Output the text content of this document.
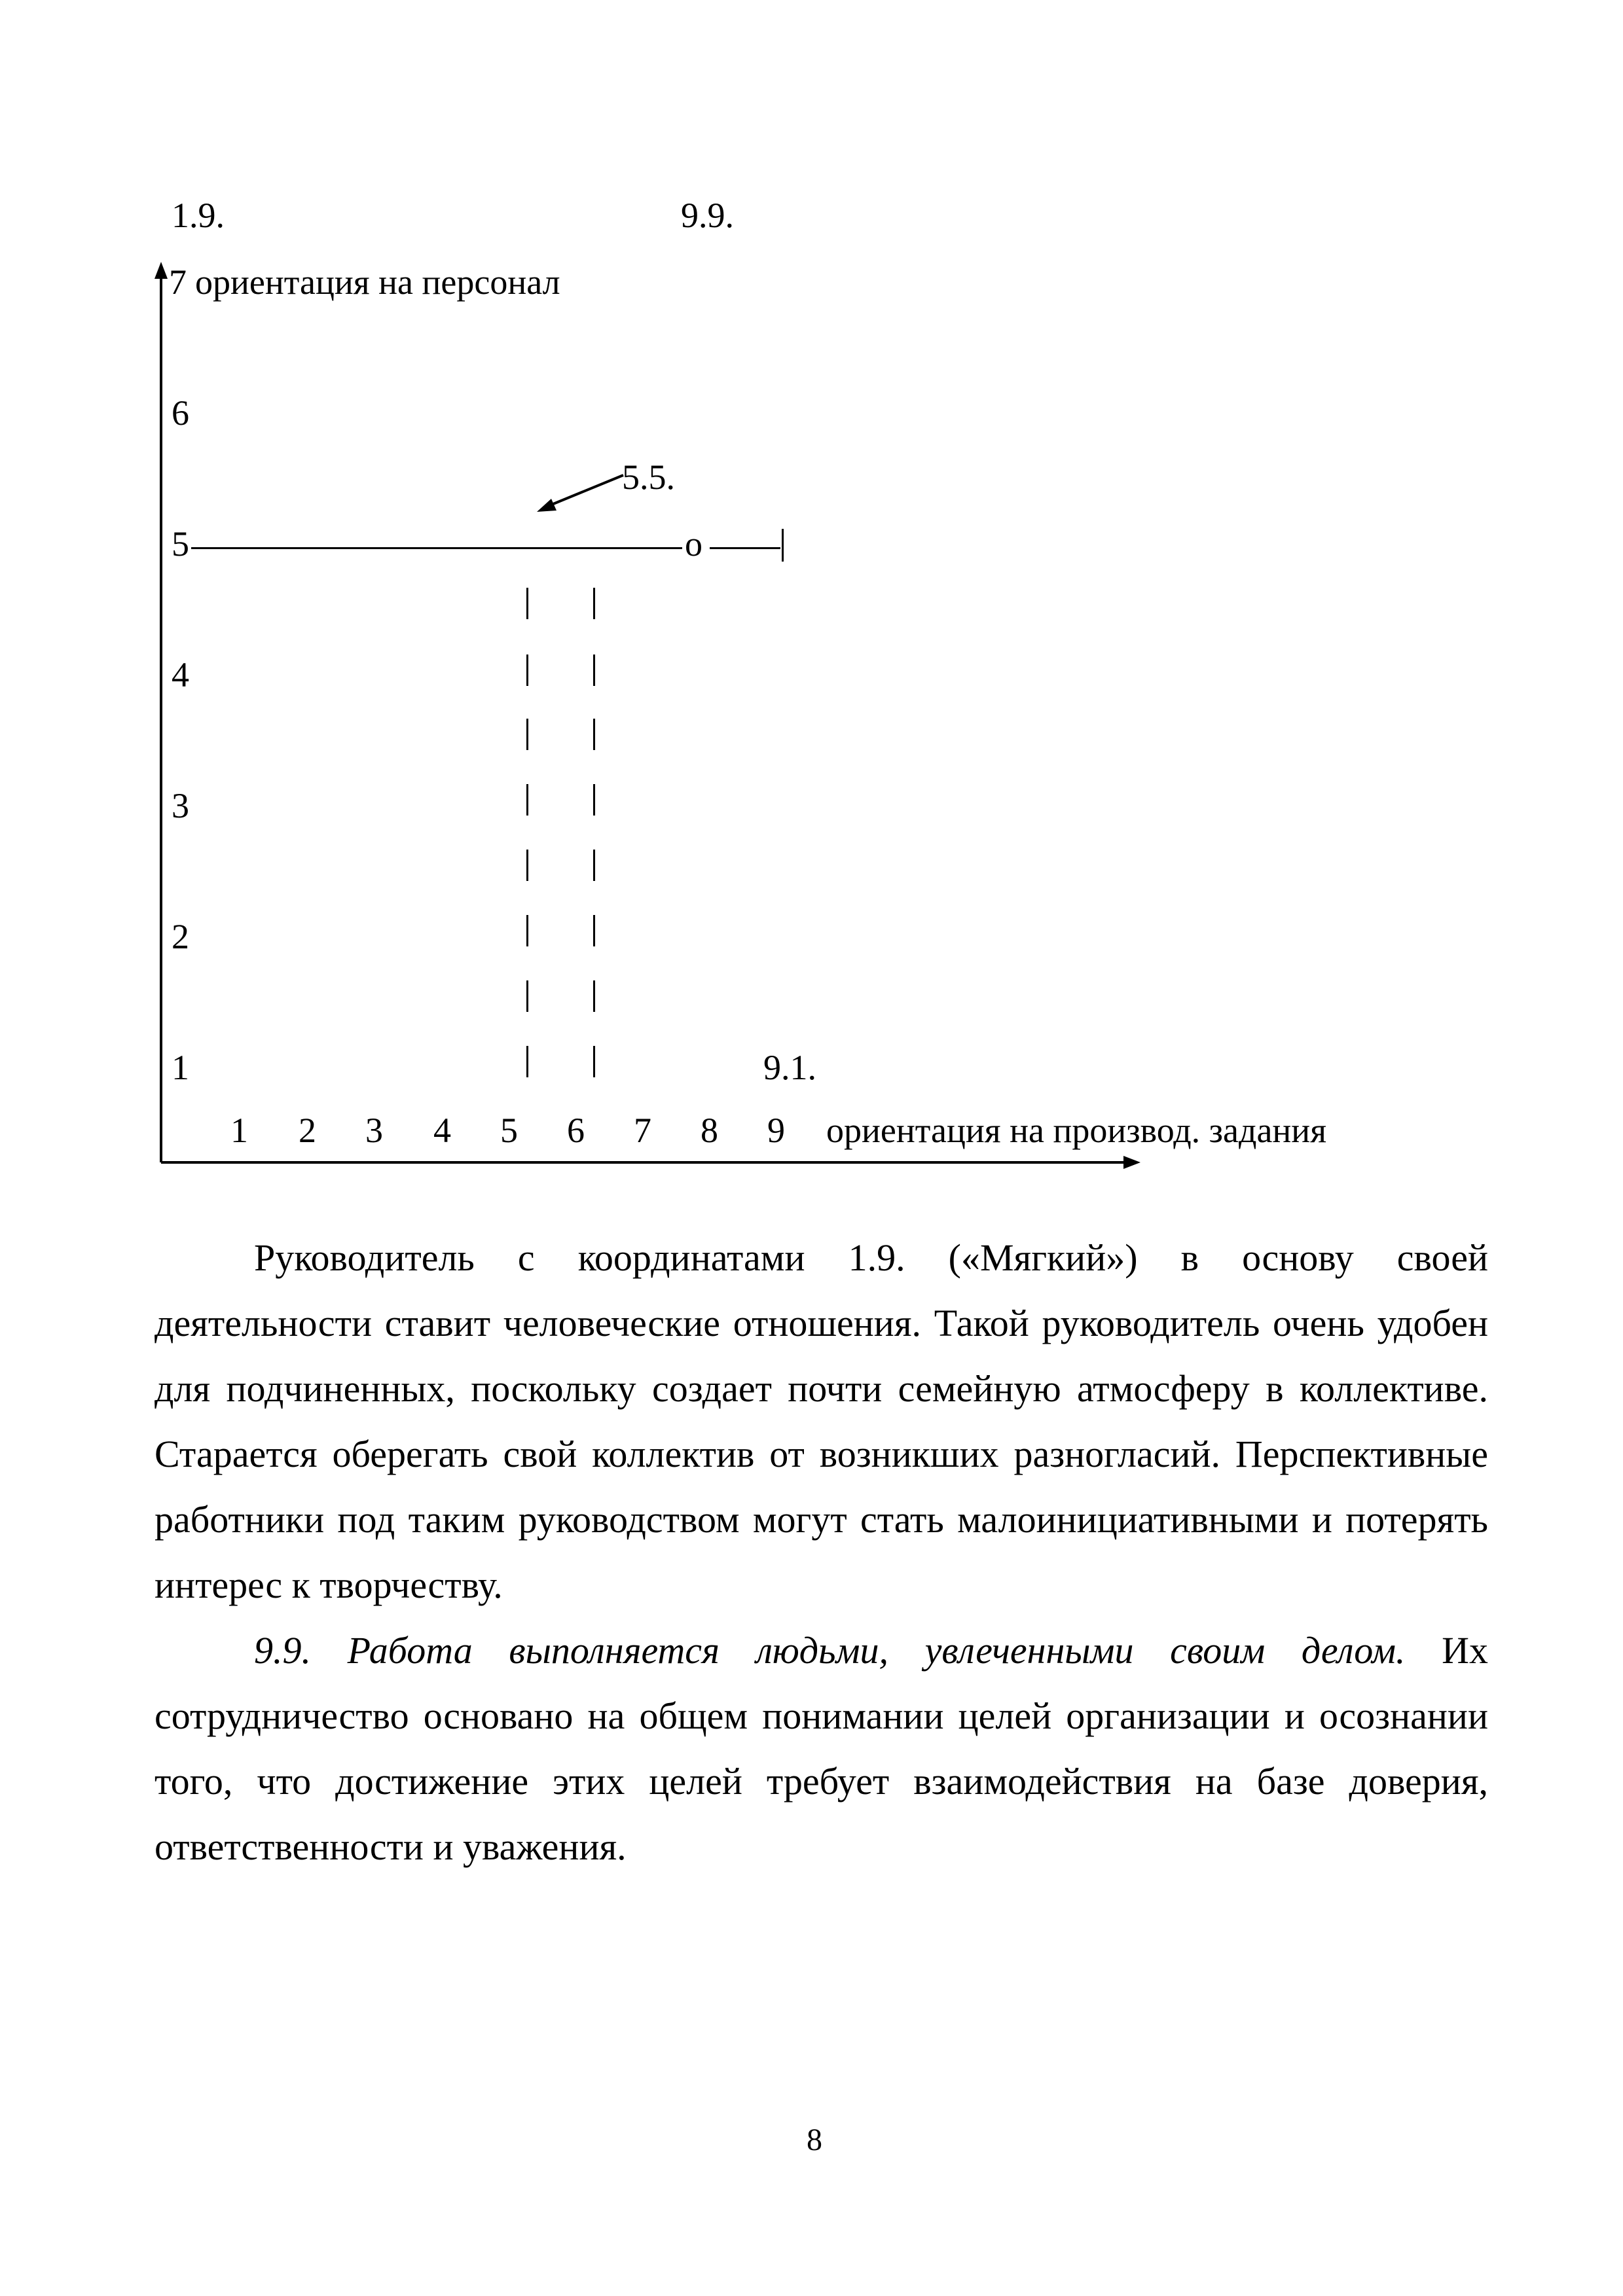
1.9.	9.9.
7 ориентация на персонал
6
5
4
3
2
1
5.5.
o
9.1.
1 2 3 4 5 6 7 8 9 ориентация на производ. задания
Руководитель с координатами 1.9. («Мягкий») в основу своей
деятельности ставит человеческие отношения. Такой руководитель очень удобен
для подчиненных, поскольку создает почти семейную атмосферу в коллективе.
Старается оберегать свой коллектив от возникших разногласий. Перспективные
работники под таким руководством могут стать малоинициативными и потерять
интерес к творчеству.
9.9. Работа выполняется людьми, увлеченными своим делом. Их
сотрудничество основано на общем понимании целей организации и осознании
того, что достижение этих целей требует взаимодействия на базе доверия,
ответственности и уважения.
8
